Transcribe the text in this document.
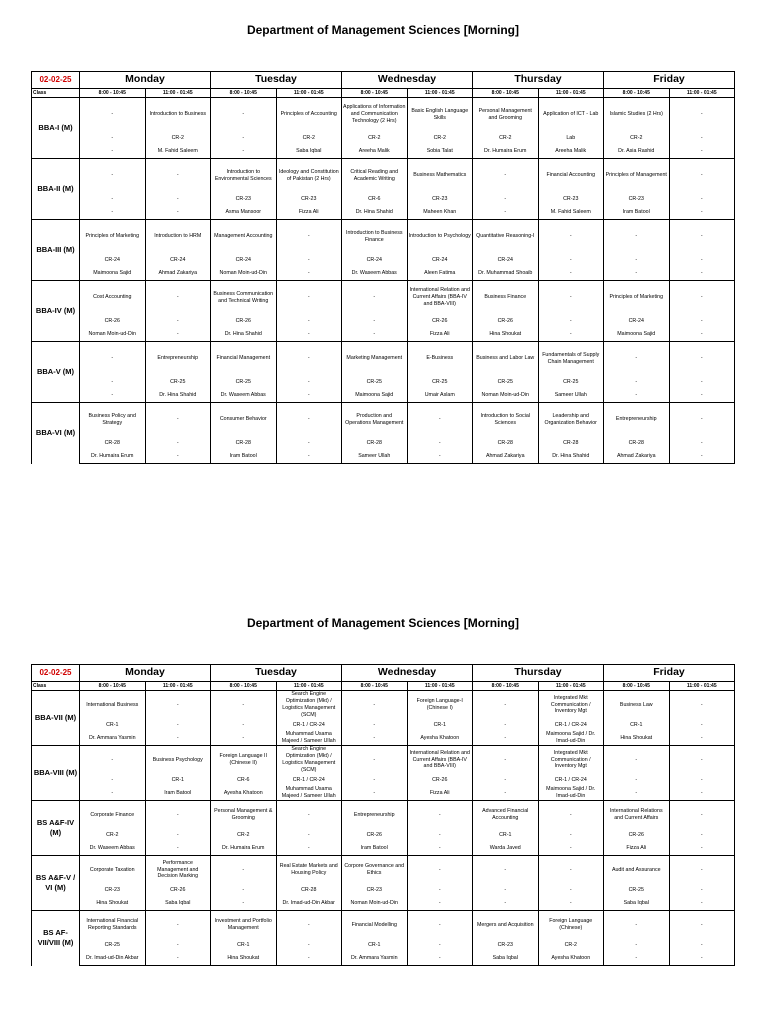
Department of Management Sciences [Morning]
02-02-25	Monday		Tuesday		Wednesday		Thursday		Friday	
Class	8:00 - 10:45	11:00 - 01:45	8:00 - 10:45	11:00 - 01:45	8:00 - 10:45	11:00 - 01:45	8:00 - 10:45	11:00 - 01:45	8:00 - 10:45	11:00 - 01:45
BBA-I (M)	-	Introduction to Business	-	Principles of Accounting	Applications of Information and Communication Technology (2 Hrs)	Basic English Language Skills	Personal Management and Grooming	Application of ICT - Lab	Islamic Studies (2 Hrs)	-
	-	CR-2	-	CR-2	CR-2	CR-2	CR-2	Lab	CR-2	-
	-	M. Fahid Saleem	-	Saba Iqbal	Areeha Malik	Sobia Talat	Dr. Humaira Erum	Areeha Malik	Dr. Asia Rashid	-
BBA-II (M)	-	-	Introduction to Environmental Sciences	Ideology and Constitution of Pakistan (2 Hrs)	Critical Reading and Academic Writing	Business Mathematics	-	Financial Accounting	Principles of Management	-
	-	-	CR-23	CR-23	CR-6	CR-23	-	CR-23	CR-23	-
	-	-	Asma Mansoor	Fizza Ali	Dr. Hina Shahid	Maheen Khan	-	M. Fahid Saleem	Iram Batool	-
BBA-III (M)	Principles of Marketing	Introduction to HRM	Management Accounting	-	Introduction to Business Finance	Introduction to Psychology	Quantitative Reasoning-I	-	-	-
	CR-24	CR-24	CR-24	-	CR-24	CR-24	CR-24	-	-	-
	Maimoona Sajid	Ahmad Zakariya	Noman Moin-ud-Din	-	Dr. Waseem Abbas	Aleen Fatima	Dr. Muhammad Shoaib	-	-	-
BBA-IV (M)	Cost Accounting	-	Business Communication and Technical Writing	-	-	International Relation and Current Affairs (BBA-IV and BBA-VIII)	Business Finance	-	Principles of Marketing	-
	CR-26	-	CR-26	-	-	CR-26	CR-26	-	CR-24	-
	Noman Moin-ud-Din	-	Dr. Hina Shahid	-	-	Fizza Ali	Hina Shoukat	-	Maimoona Sajid	-
BBA-V (M)	-	Entrepreneurship	Financial Management	-	Marketing Management	E-Business	Business and Labor Law	Fundamentals of Supply Chain Management	-	-
	-	CR-25	CR-25	-	CR-25	CR-25	CR-25	CR-25	-	-
	-	Dr. Hina Shahid	Dr. Waseem Abbas	-	Maimoona Sajid	Umair Aslam	Noman Moin-ud-Din	Sameer Ullah	-	-
BBA-VI (M)	Business Policy and Strategy	-	Consumer Behavior	-	Production and Operations Management	-	Introduction to Social Sciences	Leadership and Organization Behavior	Entrepreneurship	-
	CR-28	-	CR-28	-	CR-28	-	CR-28	CR-28	CR-28	-
	Dr. Humaira Erum	-	Iram Batool	-	Sameer Ullah	-	Ahmad Zakariya	Dr. Hina Shahid	Ahmad Zakariya	-
Department of Management Sciences [Morning]
02-02-25	Monday		Tuesday		Wednesday		Thursday		Friday	
Class	8:00 - 10:45	11:00 - 01:45	8:00 - 10:45	11:00 - 01:45	8:00 - 10:45	11:00 - 01:45	8:00 - 10:45	11:00 - 01:45	8:00 - 10:45	11:00 - 01:45
BBA-VII (M)	International Business	-	-	Search Engine Optimization (Mkt) / Logistics Management (SCM)	-	Foreign Language-I (Chinese I)	-	Integrated Mkt Communication / Inventory Mgt	Business Law	-
	CR-1	-	-	CR-1 / CR-24	-	CR-1	-	CR-1 / CR-24	CR-1	-
	Dr. Ammara Yasmin	-	-	Muhammad Usama Majeed / Sameer Ullah	-	Ayesha Khatoon	-	Maimoona Sajid / Dr. Imad-ud-Din	Hina Shoukat	-
BBA-VIII (M)	-	Business Psychology	Foreign Language II (Chinese II)	Search Engine Optimization (Mkt) / Logistics Management (SCM)	-	International Relation and Current Affairs (BBA-IV and BBA-VIII)	-	Integrated Mkt Communication / Inventory Mgt	-	-
	-	CR-1	CR-6	CR-1 / CR-24	-	CR-26	-	CR-1 / CR-24	-	-
	-	Iram Batool	Ayesha Khatoon	Muhammad Usama Majeed / Sameer Ullah	-	Fizza Ali	-	Maimoona Sajid / Dr. Imad-ud-Din	-	-
BS A&F-IV (M)	Corporate Finance	-	Personal Management & Grooming	-	Entrepreneurship	-	Advanced Financial Accounting	-	International Relations and Current Affairs	-
	CR-2	-	CR-2	-	CR-26	-	CR-1	-	CR-26	-
	Dr. Waseem Abbas	-	Dr. Humaira Erum	-	Iram Batool	-	Warda Javed	-	Fizza Ali	-
BS A&F-V / VI (M)	Corporate Taxation	Performance Management and Decision Marking	-	Real Estate Markets and Housing Policy	Corpore Governance and Ethics	-	-	-	Audit and Assurance	-
	CR-23	CR-26	-	CR-28	CR-23	-	-	-	CR-25	-
	Hina Shoukat	Saba Iqbal	-	Dr. Imad-ud-Din Akbar	Noman Moin-ud-Din	-	-	-	Saba Iqbal	-
BS AF-VII/VIII (M)	International Financial Reporting Standards	-	Investment and Portfolio Management	-	Financial Modelling	-	Mergers and Acquisition	Foreign Language (Chinese)	-	-
	CR-25	-	CR-1	-	CR-1	-	CR-23	CR-2	-	-
	Dr. Imad-ud-Din Akbar	-	Hina Shoukat	-	Dr. Ammara Yasmin	-	Saba Iqbal	Ayesha Khatoon	-	-
